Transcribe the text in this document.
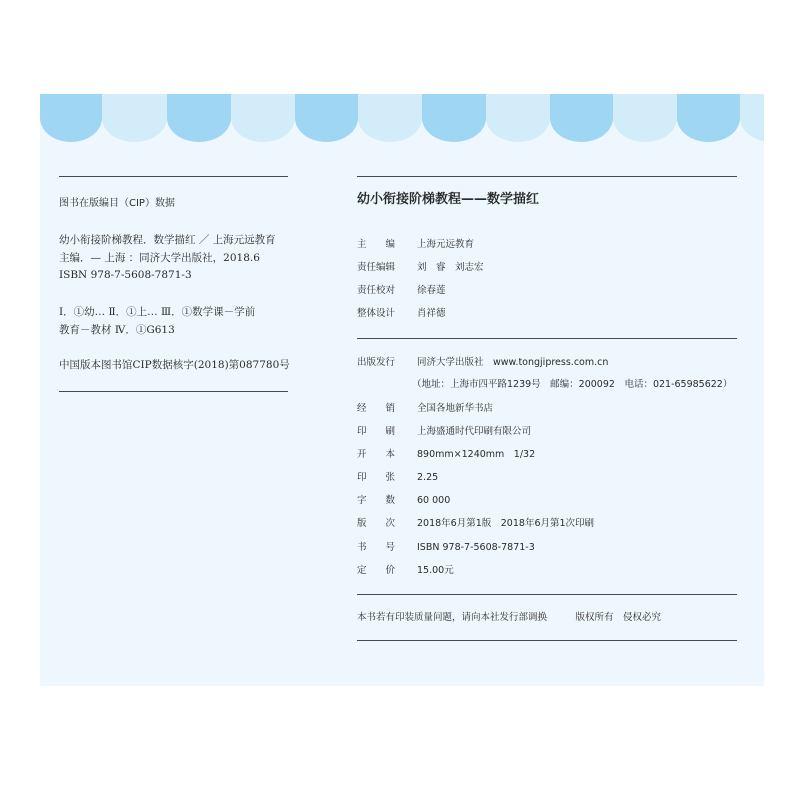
图书在版编目（CIP）数据
幼小衔接阶梯教程．数学描红 ／ 上海元远教育
主编．— 上海 ：同济大学出版社，2018.6
ISBN 978-7-5608-7871-3
Ⅰ．①幼… Ⅱ．①上… Ⅲ．①数学课－学前
教育－教材 Ⅳ．①G613
中国版本图书馆CIP数据核字(2018)第087780号
幼小衔接阶梯教程——数学描红
主　　编	上海元远教育
责任编辑	刘　睿　刘志宏
责任校对	徐春莲
整体设计	肖祥德
出版发行	同济大学出版社　www.tongjipress.com.cn
（地址：上海市四平路1239号　邮编：200092　电话：021-65985622）
经　　销	全国各地新华书店
印　　刷	上海盛通时代印刷有限公司
开　　本	890mm×1240mm　1/32
印　　张	2.25
字　　数	60 000
版　　次	2018年6月第1版　2018年6月第1次印刷
书　　号	ISBN 978-7-5608-7871-3
定　　价	15.00元
本书若有印装质量问题，请向本社发行部调换　　　版权所有　侵权必究
